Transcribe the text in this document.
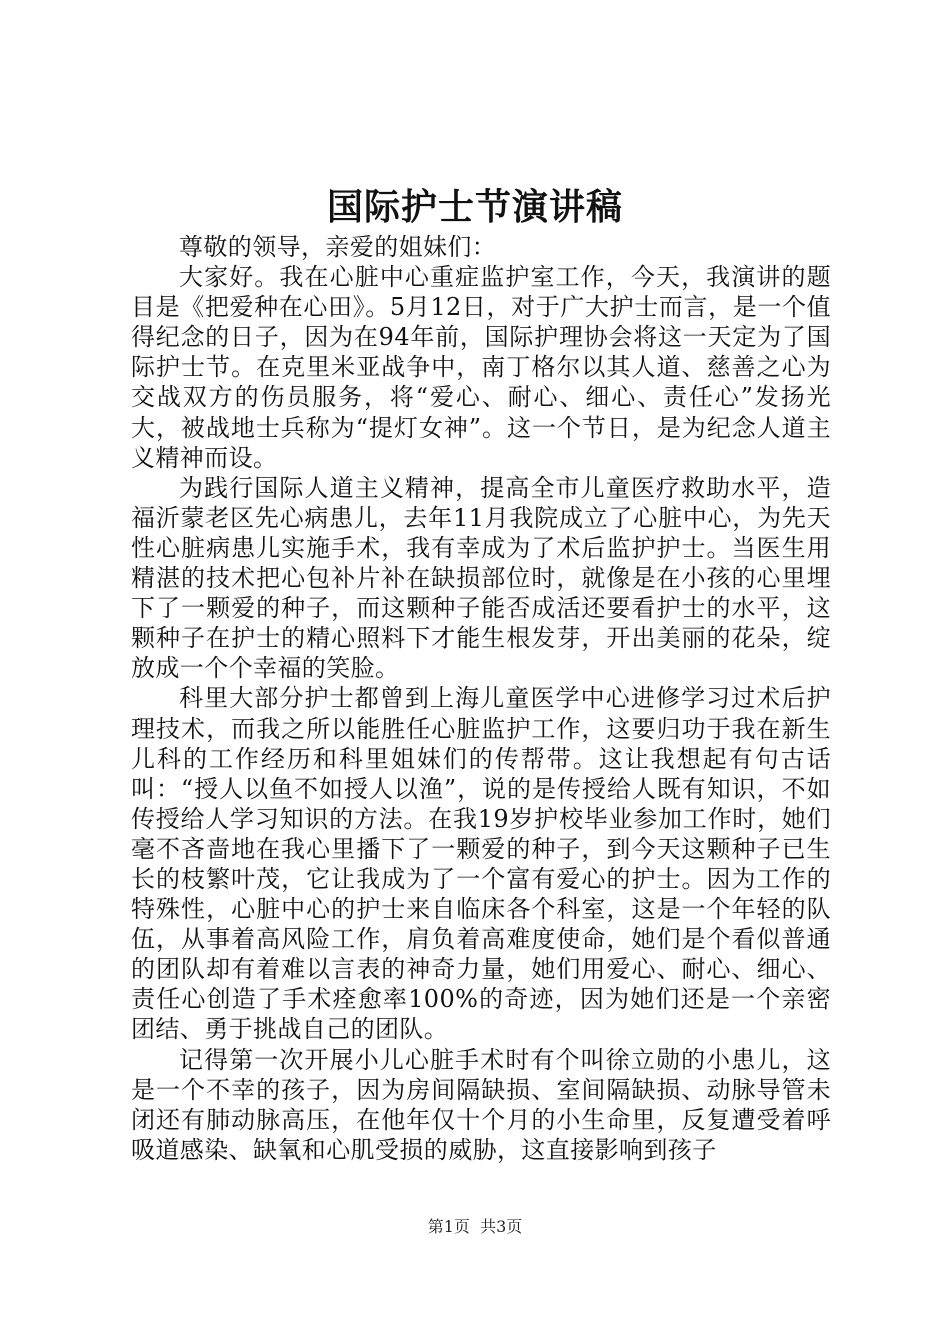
国际护士节演讲稿

尊敬的领导，亲爱的姐妹们：

大家好。我在心脏中心重症监护室工作，今天，我演讲的题目是《把爱种在心田》。5月12日，对于广大护士而言，是一个值得纪念的日子，因为在94年前，国际护理协会将这一天定为了国际护士节。在克里米亚战争中，南丁格尔以其人道、慈善之心为交战双方的伤员服务，将“爱心、耐心、细心、责任心”发扬光大，被战地士兵称为“提灯女神”。这一个节日，是为纪念人道主义精神而设。

为践行国际人道主义精神，提高全市儿童医疗救助水平，造福沂蒙老区先心病患儿，去年11月我院成立了心脏中心，为先天性心脏病患儿实施手术，我有幸成为了术后监护护士。当医生用精湛的技术把心包补片补在缺损部位时，就像是在小孩的心里埋下了一颗爱的种子，而这颗种子能否成活还要看护士的水平，这颗种子在护士的精心照料下才能生根发芽，开出美丽的花朵，绽放成一个个幸福的笑脸。

科里大部分护士都曾到上海儿童医学中心进修学习过术后护理技术，而我之所以能胜任心脏监护工作，这要归功于我在新生儿科的工作经历和科里姐妹们的传帮带。这让我想起有句古话叫：“授人以鱼不如授人以渔”，说的是传授给人既有知识，不如传授给人学习知识的方法。在我19岁护校毕业参加工作时，她们毫不吝啬地在我心里播下了一颗爱的种子，到今天这颗种子已生长的枝繁叶茂，它让我成为了一个富有爱心的护士。因为工作的特殊性，心脏中心的护士来自临床各个科室，这是一个年轻的队伍，从事着高风险工作，肩负着高难度使命，她们是个看似普通的团队却有着难以言表的神奇力量，她们用爱心、耐心、细心、责任心创造了手术痊愈率100%的奇迹，因为她们还是一个亲密团结、勇于挑战自己的团队。

记得第一次开展小儿心脏手术时有个叫徐立勋的小患儿，这是一个不幸的孩子，因为房间隔缺损、室间隔缺损、动脉导管未闭还有肺动脉高压，在他年仅十个月的小生命里，反复遭受着呼吸道感染、缺氧和心肌受损的威胁，这直接影响到孩子

第1页  共3页
